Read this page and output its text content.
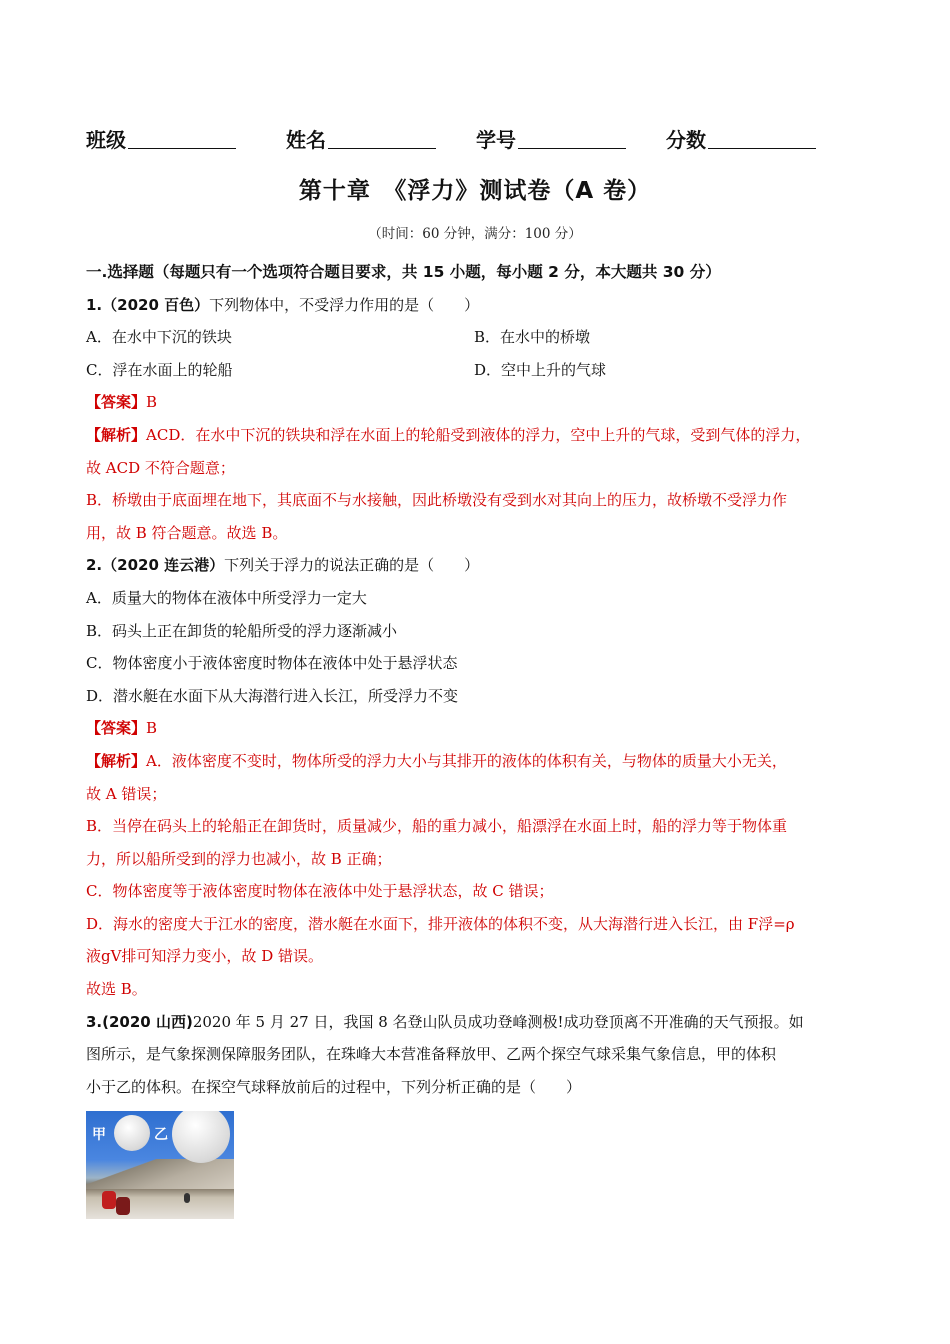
班级	姓名	学号	分数
第十章　《浮力》测试卷（A 卷）
（时间：60 分钟，满分：100 分）
一.选择题（每题只有一个选项符合题目要求，共 15 小题，每小题 2 分，本大题共 30 分）
1.（2020 百色）下列物体中，不受浮力作用的是（　　）
A．在水中下沉的铁块	B．在水中的桥墩
C．浮在水面上的轮船	D．空中上升的气球
【答案】B
【解析】ACD．在水中下沉的铁块和浮在水面上的轮船受到液体的浮力，空中上升的气球，受到气体的浮力，
故 ACD 不符合题意；
B．桥墩由于底面埋在地下，其底面不与水接触，因此桥墩没有受到水对其向上的压力，故桥墩不受浮力作
用，故 B 符合题意。故选 B。
2.（2020 连云港）下列关于浮力的说法正确的是（　　）
A．质量大的物体在液体中所受浮力一定大
B．码头上正在卸货的轮船所受的浮力逐渐减小
C．物体密度小于液体密度时物体在液体中处于悬浮状态
D．潜水艇在水面下从大海潜行进入长江，所受浮力不变
【答案】B
【解析】A．液体密度不变时，物体所受的浮力大小与其排开的液体的体积有关，与物体的质量大小无关，
故 A 错误；
B．当停在码头上的轮船正在卸货时，质量减少，船的重力减小，船漂浮在水面上时，船的浮力等于物体重
力，所以船所受到的浮力也减小，故 B 正确；
C．物体密度等于液体密度时物体在液体中处于悬浮状态，故 C 错误；
D．海水的密度大于江水的密度，潜水艇在水面下，排开液体的体积不变，从大海潜行进入长江，由 F浮=ρ
液gV排可知浮力变小，故 D 错误。
故选 B。
3.(2020 山西)2020 年 5 月 27 日，我国 8 名登山队员成功登峰测极!成功登顶离不开准确的天气预报。如
图所示，是气象探测保障服务团队，在珠峰大本营准备释放甲、乙两个探空气球采集气象信息，甲的体积
小于乙的体积。在探空气球释放前后的过程中，下列分析正确的是（　　）
甲	乙
